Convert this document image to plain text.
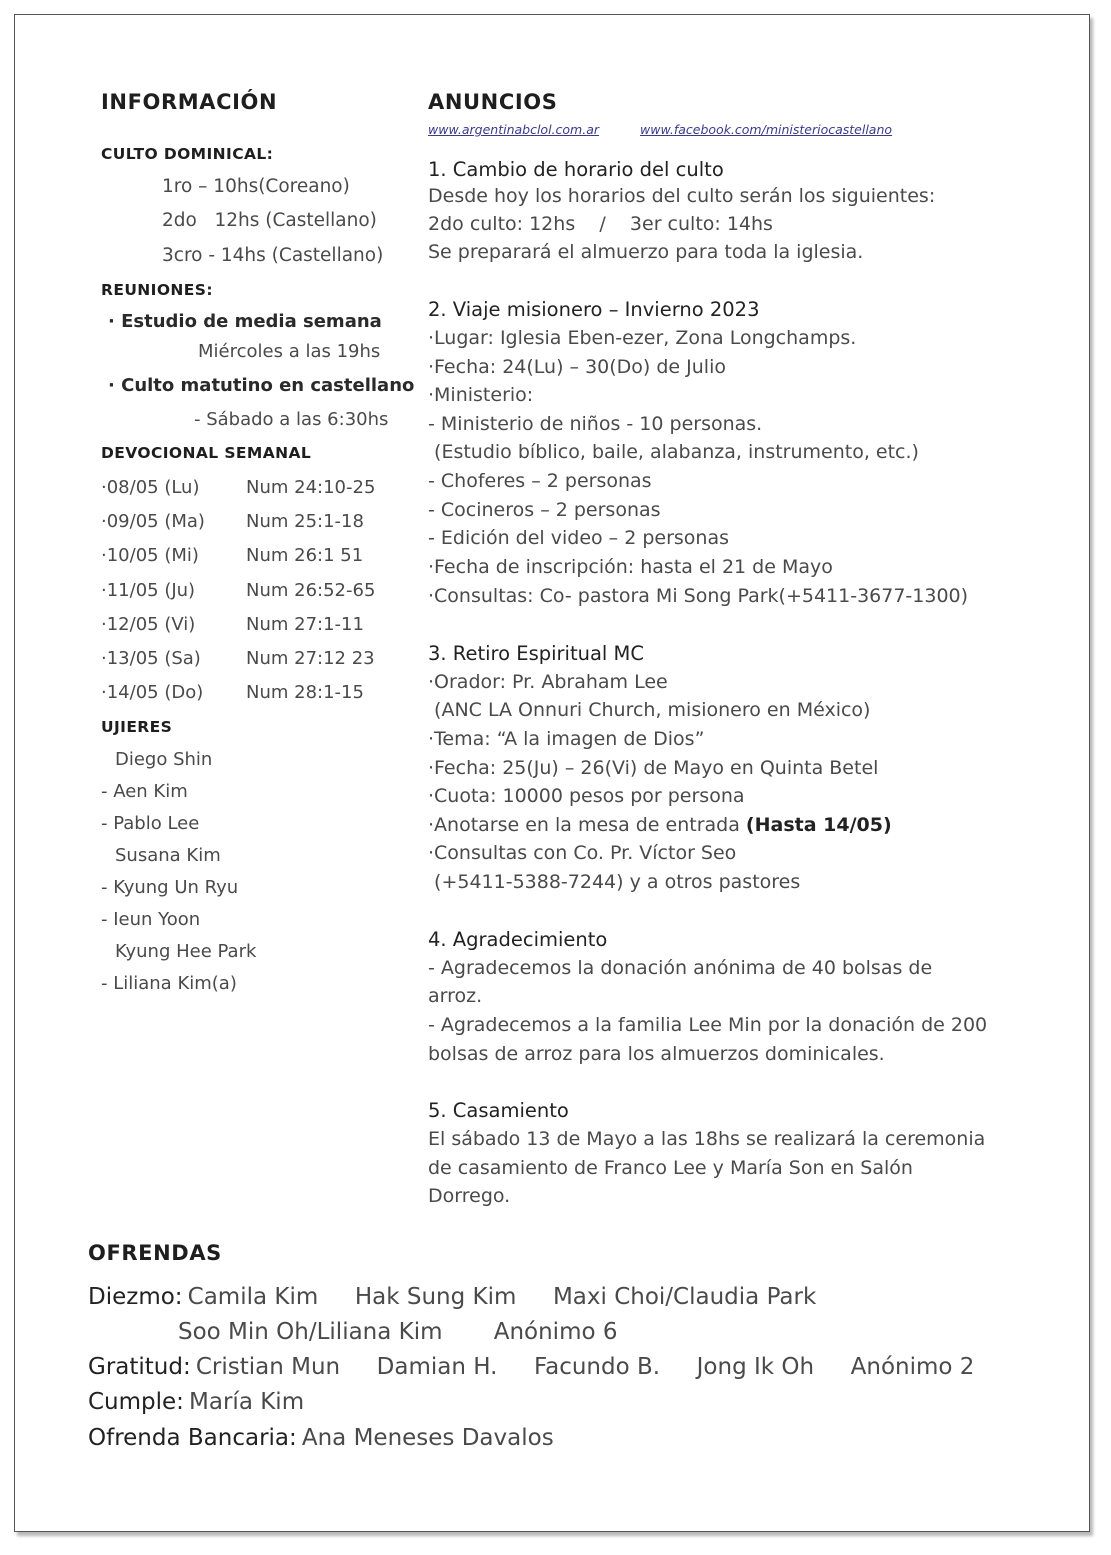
INFORMACIÓN
CULTO DOMINICAL:
1ro – 10hs(Coreano)
2do   12hs (Castellano)
3cro - 14hs (Castellano)
REUNIONES:
· Estudio de media semana
Miércoles a las 19hs
· Culto matutino en castellano
- Sábado a las 6:30hs
DEVOCIONAL SEMANAL
·08/05 (Lu)	Num 24:10-25
·09/05 (Ma) Num 25:1-18
·10/05 (Mi)	Num 26:1 51
·11/05 (Ju)	Num 26:52-65
·12/05 (Vi)	Num 27:1-11
·13/05 (Sa)	Num 27:12 23
·14/05 (Do) Num 28:1-15
UJIERES
Diego Shin
- Aen Kim
- Pablo Lee
Susana Kim
- Kyung Un Ryu
- Ieun Yoon
Kyung Hee Park
- Liliana Kim(a)
ANUNCIOS
www.argentinabclol.com.ar	www.facebook.com/ministeriocastellano
1. Cambio de horario del culto
Desde hoy los horarios del culto serán los siguientes:
2do culto: 12hs    /    3er culto: 14hs
Se preparará el almuerzo para toda la iglesia.
2. Viaje misionero – Invierno 2023
·Lugar: Iglesia Eben-ezer, Zona Longchamps.
·Fecha: 24(Lu) – 30(Do) de Julio
·Ministerio:
- Ministerio de niños - 10 personas.
(Estudio bíblico, baile, alabanza, instrumento, etc.)
- Choferes – 2 personas
- Cocineros – 2 personas
- Edición del video – 2 personas
·Fecha de inscripción: hasta el 21 de Mayo
·Consultas: Co- pastora Mi Song Park(+5411-3677-1300)
3. Retiro Espiritual MC
·Orador: Pr. Abraham Lee
(ANC LA Onnuri Church, misionero en México)
·Tema: “A la imagen de Dios”
·Fecha: 25(Ju) – 26(Vi) de Mayo en Quinta Betel
·Cuota: 10000 pesos por persona
·Anotarse en la mesa de entrada (Hasta 14/05)
·Consultas con Co. Pr. Víctor Seo
(+5411-5388-7244) y a otros pastores
4. Agradecimiento
- Agradecemos la donación anónima de 40 bolsas de
arroz.
- Agradecemos a la familia Lee Min por la donación de 200
bolsas de arroz para los almuerzos dominicales.
5. Casamiento
El sábado 13 de Mayo a las 18hs se realizará la ceremonia
de casamiento de Franco Lee y María Son en Salón
Dorrego.
OFRENDAS
Diezmo: Camila Kim     Hak Sung Kim     Maxi Choi/Claudia Park
Soo Min Oh/Liliana Kim       Anónimo 6
Gratitud: Cristian Mun     Damian H.     Facundo B.     Jong Ik Oh     Anónimo 2
Cumple: María Kim
Ofrenda Bancaria: Ana Meneses Davalos
